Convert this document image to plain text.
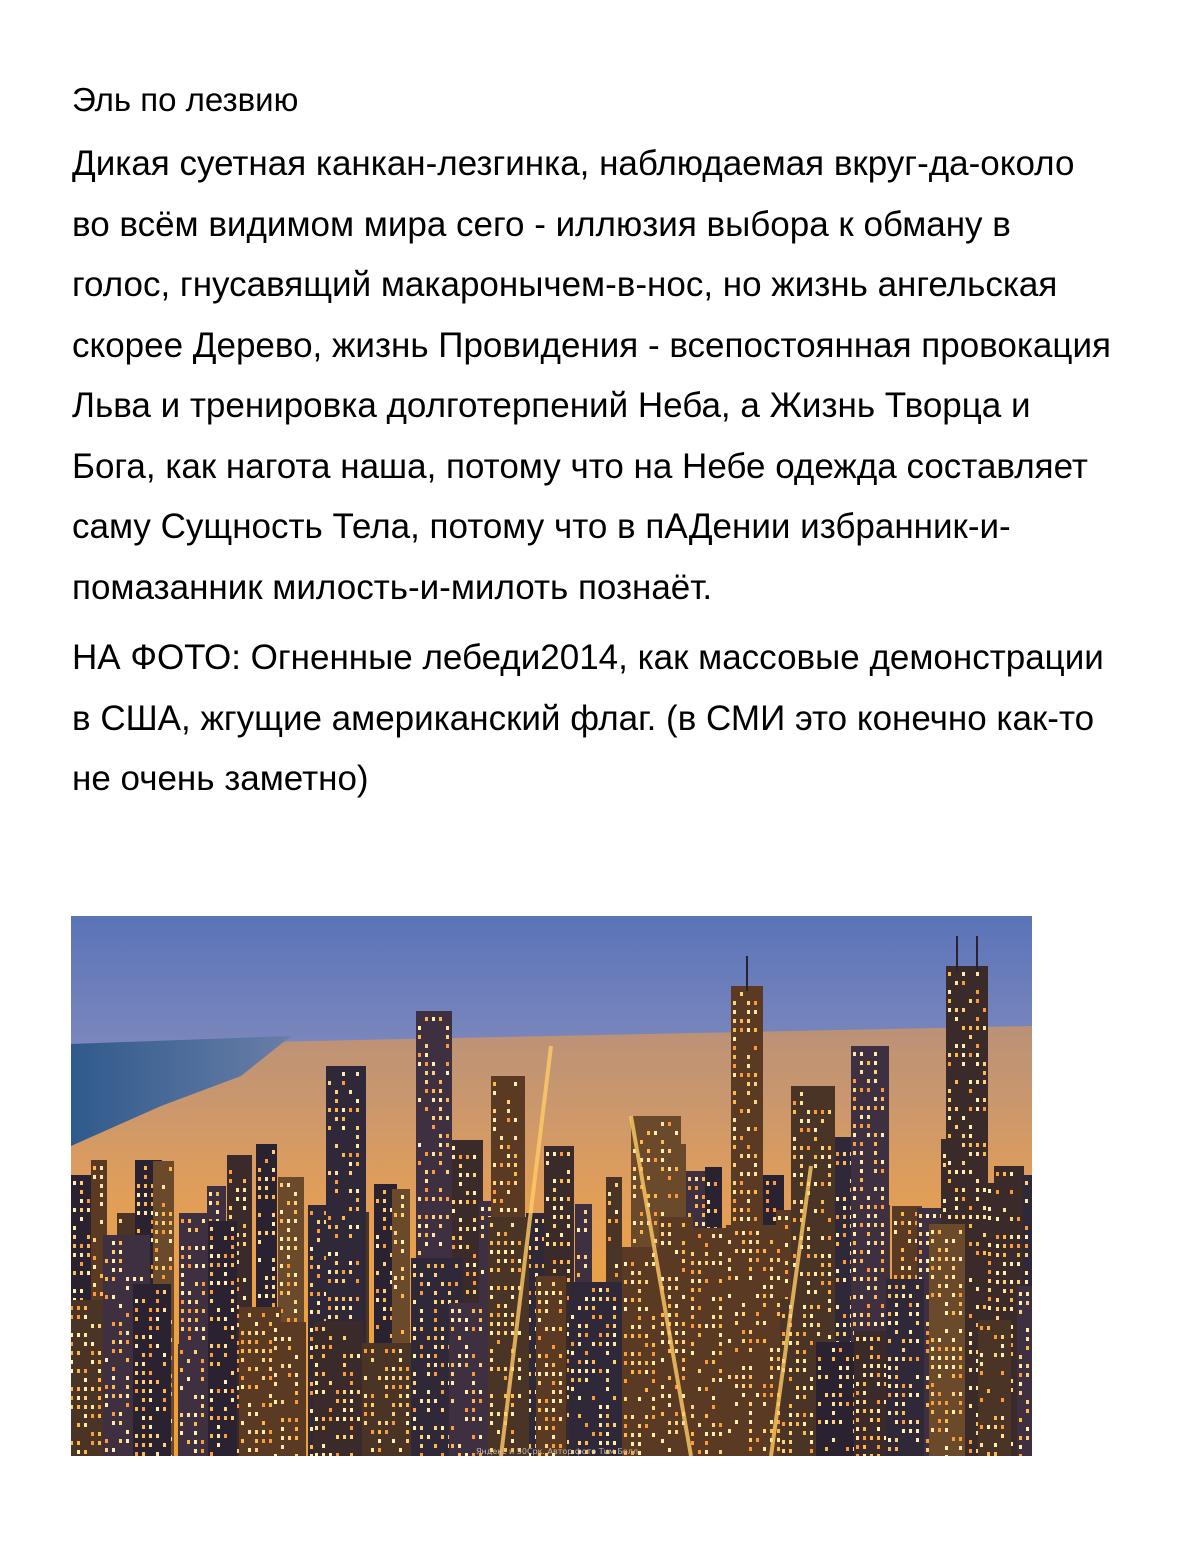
Эль по лезвию

Дикая суетная канкан-лезгинка, наблюдаемая вкруг-да-около во всём видимом мира сего - иллюзия выбора к обману в голос, гнусавящий макаронычем-в-нос, но жизнь ангельская скорее Дерево, жизнь Провидения - всепостоянная провокация Льва и тренировка долготерпений Неба, а Жизнь Творца и Бога, как нагота наша, потому что на Небе одежда составляет саму Сущность Тела, потому что в пАДении избранник-и-помазанник милость-и-милоть познаёт.

НА ФОТО: Огненные лебеди2014, как массовые демонстрации в США, жгущие американский флаг. (в СМИ это конечно как-то не очень заметно)

Яндекс и 50Срк. Автор фото Тим Болл
